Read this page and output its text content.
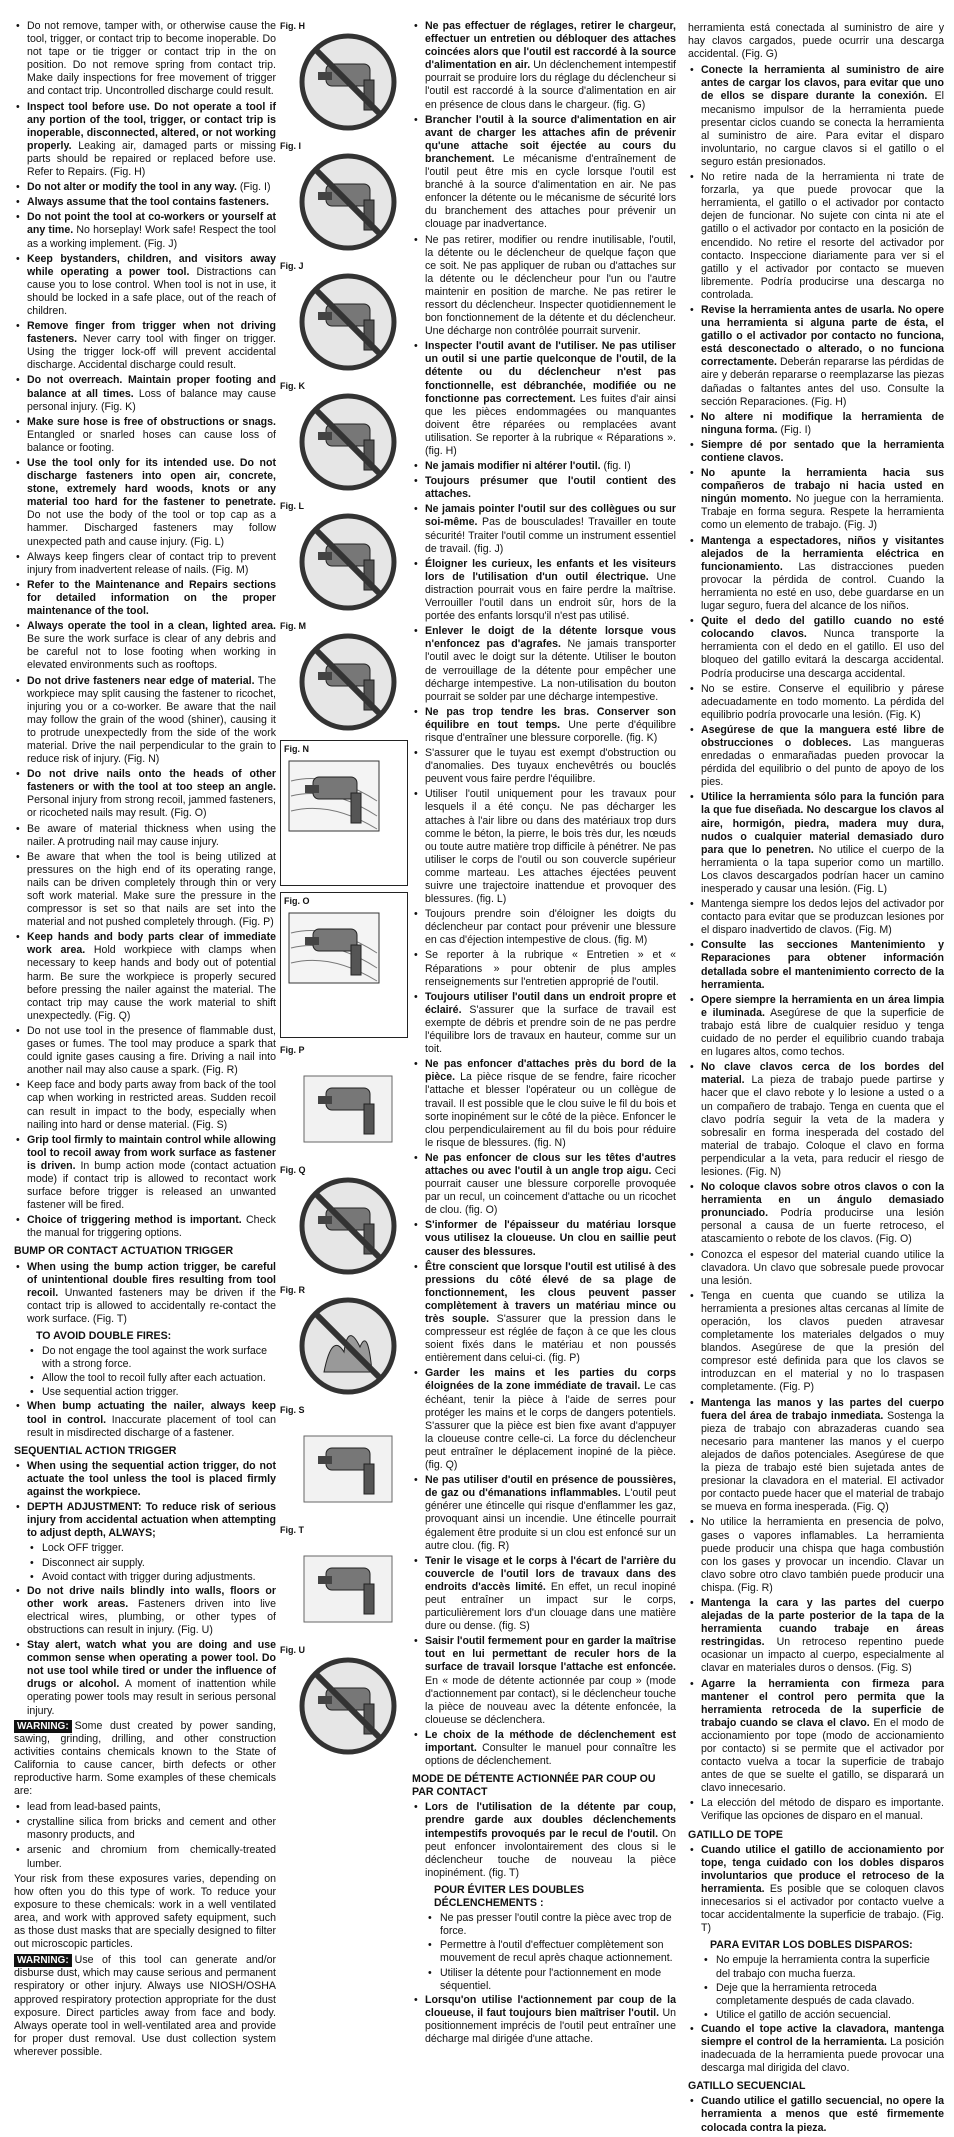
• Do not remove, tamper with, or otherwise cause the tool, trigger, or contact trip to become inoperable. Do not tape or tie trigger or contact trip in the on position. Do not remove spring from contact trip. Make daily inspections for free movement of trigger and contact trip. Uncontrolled discharge could result.
• Inspect tool before use. Do not operate a tool if any portion of the tool, trigger, or contact trip is inoperable, disconnected, altered, or not working properly. Leaking air, damaged parts or missing parts should be repaired or replaced before use. Refer to Repairs. (Fig. H)
• Do not alter or modify the tool in any way. (Fig. I)
• Always assume that the tool contains fasteners.
• Do not point the tool at co-workers or yourself at any time. No horseplay! Work safe! Respect the tool as a working implement. (Fig. J)
• Keep bystanders, children, and visitors away while operating a power tool. Distractions can cause you to lose control. When tool is not in use, it should be locked in a safe place, out of the reach of children.
• Remove finger from trigger when not driving fasteners. Never carry tool with finger on trigger. Using the trigger lock-off will prevent accidental discharge. Accidental discharge could result.
• Do not overreach. Maintain proper footing and balance at all times. Loss of balance may cause personal injury. (Fig. K)
• Make sure hose is free of obstructions or snags. Entangled or snarled hoses can cause loss of balance or footing.
• Use the tool only for its intended use. Do not discharge fasteners into open air, concrete, stone, extremely hard woods, knots or any material too hard for the fastener to penetrate. Do not use the body of the tool or top cap as a hammer. Discharged fasteners may follow unexpected path and cause injury. (Fig. L)
• Always keep fingers clear of contact trip to prevent injury from inadvertent release of nails. (Fig. M)
• Refer to the Maintenance and Repairs sections for detailed information on the proper maintenance of the tool.
• Always operate the tool in a clean, lighted area. Be sure the work surface is clear of any debris and be careful not to lose footing when working in elevated environments such as rooftops.
• Do not drive fasteners near edge of material. The workpiece may split causing the fastener to ricochet, injuring you or a co-worker. Be aware that the nail may follow the grain of the wood (shiner), causing it to protrude unexpectedly from the side of the work material. Drive the nail perpendicular to the grain to reduce risk of injury. (Fig. N)
• Do not drive nails onto the heads of other fasteners or with the tool at too steep an angle. Personal injury from strong recoil, jammed fasteners, or ricocheted nails may result. (Fig. O)
• Be aware of material thickness when using the nailer. A protruding nail may cause injury.
• Be aware that when the tool is being utilized at pressures on the high end of its operating range, nails can be driven completely through thin or very soft work material. Make sure the pressure in the compressor is set so that nails are set into the material and not pushed completely through. (Fig. P)
• Keep hands and body parts clear of immediate work area. Hold workpiece with clamps when necessary to keep hands and body out of potential harm. Be sure the workpiece is properly secured before pressing the nailer against the material. The contact trip may cause the work material to shift unexpectedly. (Fig. Q)
• Do not use tool in the presence of flammable dust, gases or fumes. The tool may produce a spark that could ignite gases causing a fire. Driving a nail into another nail may also cause a spark. (Fig. R)
• Keep face and body parts away from back of the tool cap when working in restricted areas. Sudden recoil can result in impact to the body, especially when nailing into hard or dense material. (Fig. S)
• Grip tool firmly to maintain control while allowing tool to recoil away from work surface as fastener is driven. In bump action mode (contact actuation mode) if contact trip is allowed to recontact work surface before trigger is released an unwanted fastener will be fired.
• Choice of triggering method is important. Check the manual for triggering options.
BUMP OR CONTACT ACTUATION TRIGGER
• When using the bump action trigger, be careful of unintentional double fires resulting from tool recoil. Unwanted fasteners may be driven if the contact trip is allowed to accidentally re-contact the work surface. (Fig. T)
TO AVOID DOUBLE FIRES:
• Do not engage the tool against the work surface with a strong force.
• Allow the tool to recoil fully after each actuation.
• Use sequential action trigger.
• When bump actuating the nailer, always keep tool in control. Inaccurate placement of tool can result in misdirected discharge of a fastener.
SEQUENTIAL ACTION TRIGGER
• When using the sequential action trigger, do not actuate the tool unless the tool is placed firmly against the workpiece.
• DEPTH ADJUSTMENT: To reduce risk of serious injury from accidental actuation when attempting to adjust depth, ALWAYS;
• Lock OFF trigger.
• Disconnect air supply.
• Avoid contact with trigger during adjustments.
• Do not drive nails blindly into walls, floors or other work areas. Fasteners driven into live electrical wires, plumbing, or other types of obstructions can result in injury. (Fig. U)
• Stay alert, watch what you are doing and use common sense when operating a power tool. Do not use tool while tired or under the influence of drugs or alcohol. A moment of inattention while operating power tools may result in serious personal injury.
WARNING: Some dust created by power sanding, sawing, grinding, drilling, and other construction activities contains chemicals known to the State of California to cause cancer, birth defects or other reproductive harm. Some examples of these chemicals are:
• lead from lead-based paints,
• crystalline silica from bricks and cement and other masonry products, and
• arsenic and chromium from chemically-treated lumber.
Your risk from these exposures varies, depending on how often you do this type of work. To reduce your exposure to these chemicals: work in a well ventilated area, and work with approved safety equipment, such as those dust masks that are specially designed to filter out microscopic particles.
WARNING: Use of this tool can generate and/or disburse dust, which may cause serious and permanent respiratory or other injury. Always use NIOSH/OSHA approved respiratory protection appropriate for the dust exposure. Direct particles away from face and body. Always operate tool in well-ventilated area and provide for proper dust removal. Use dust collection system wherever possible.
Fig. H
Fig. I
Fig. J
Fig. K
Fig. L
Fig. M
Fig. N
Fig. O
Fig. P
Fig. Q
Fig. R
Fig. S
Fig. T
Fig. U
• Ne pas effectuer de réglages, retirer le chargeur, effectuer un entretien ou débloquer des attaches coincées alors que l'outil est raccordé à la source d'alimentation en air. Un déclenchement intempestif pourrait se produire lors du réglage du déclencheur si l'outil est raccordé à la source d'alimentation en air en présence de clous dans le chargeur. (fig. G)
• Brancher l'outil à la source d'alimentation en air avant de charger les attaches afin de prévenir qu'une attache soit éjectée au cours du branchement. Le mécanisme d'entraînement de l'outil peut être mis en cycle lorsque l'outil est branché à la source d'alimentation en air. Ne pas enfoncer la détente ou le mécanisme de sécurité lors du branchement des attaches pour prévenir un clouage par inadvertance.
• Ne pas retirer, modifier ou rendre inutilisable, l'outil, la détente ou le déclencheur de quelque façon que ce soit. Ne pas appliquer de ruban ou d'attaches sur la détente ou le déclencheur pour l'un ou l'autre maintenir en position de marche. Ne pas retirer le ressort du déclencheur. Inspecter quotidiennement le bon fonctionnement de la détente et du déclencheur. Une décharge non contrôlée pourrait survenir.
• Inspecter l'outil avant de l'utiliser. Ne pas utiliser un outil si une partie quelconque de l'outil, de la détente ou du déclencheur n'est pas fonctionnelle, est débranchée, modifiée ou ne fonctionne pas correctement. Les fuites d'air ainsi que les pièces endommagées ou manquantes doivent être réparées ou remplacées avant utilisation. Se reporter à la rubrique « Réparations ». (fig. H)
• Ne jamais modifier ni altérer l'outil. (fig. I)
• Toujours présumer que l'outil contient des attaches.
• Ne jamais pointer l'outil sur des collègues ou sur soi-même. Pas de bousculades! Travailler en toute sécurité! Traiter l'outil comme un instrument essentiel de travail. (fig. J)
• Éloigner les curieux, les enfants et les visiteurs lors de l'utilisation d'un outil électrique. Une distraction pourrait vous en faire perdre la maîtrise. Verrouiller l'outil dans un endroit sûr, hors de la portée des enfants lorsqu'il n'est pas utilisé.
• Enlever le doigt de la détente lorsque vous n'enfoncez pas d'agrafes. Ne jamais transporter l'outil avec le doigt sur la détente. Utiliser le bouton de verrouillage de la détente pour empêcher une décharge intempestive. La non-utilisation du bouton pourrait se solder par une décharge intempestive.
• Ne pas trop tendre les bras. Conserver son équilibre en tout temps. Une perte d'équilibre risque d'entraîner une blessure corporelle. (fig. K)
• S'assurer que le tuyau est exempt d'obstruction ou d'anomalies. Des tuyaux enchevêtrés ou bouclés peuvent vous faire perdre l'équilibre.
• Utiliser l'outil uniquement pour les travaux pour lesquels il a été conçu. Ne pas décharger les attaches à l'air libre ou dans des matériaux trop durs comme le béton, la pierre, le bois très dur, les nœuds ou toute autre matière trop difficile à pénétrer. Ne pas utiliser le corps de l'outil ou son couvercle supérieur comme marteau. Les attaches éjectées peuvent suivre une trajectoire inattendue et provoquer des blessures. (fig. L)
• Toujours prendre soin d'éloigner les doigts du déclencheur par contact pour prévenir une blessure en cas d'éjection intempestive de clous. (fig. M)
• Se reporter à la rubrique « Entretien » et « Réparations » pour obtenir de plus amples renseignements sur l'entretien approprié de l'outil.
• Toujours utiliser l'outil dans un endroit propre et éclairé. S'assurer que la surface de travail est exempte de débris et prendre soin de ne pas perdre l'équilibre lors de travaux en hauteur, comme sur un toit.
• Ne pas enfoncer d'attaches près du bord de la pièce. La pièce risque de se fendre, faire ricocher l'attache et blesser l'opérateur ou un collègue de travail. Il est possible que le clou suive le fil du bois et sorte inopinément sur le côté de la pièce. Enfoncer le clou perpendiculairement au fil du bois pour réduire le risque de blessures. (fig. N)
• Ne pas enfoncer de clous sur les têtes d'autres attaches ou avec l'outil à un angle trop aigu. Ceci pourrait causer une blessure corporelle provoquée par un recul, un coincement d'attache ou un ricochet de clou. (fig. O)
• S'informer de l'épaisseur du matériau lorsque vous utilisez la cloueuse. Un clou en saillie peut causer des blessures.
• Être conscient que lorsque l'outil est utilisé à des pressions du côté élevé de sa plage de fonctionnement, les clous peuvent passer complètement à travers un matériau mince ou très souple. S'assurer que la pression dans le compresseur est réglée de façon à ce que les clous soient fixés dans le matériau et non poussés entièrement dans celui-ci. (fig. P)
• Garder les mains et les parties du corps éloignées de la zone immédiate de travail. Le cas échéant, tenir la pièce à l'aide de serres pour protéger les mains et le corps de dangers potentiels. S'assurer que la pièce est bien fixe avant d'appuyer la cloueuse contre celle-ci. La force du déclencheur peut entraîner le déplacement inopiné de la pièce. (fig. Q)
• Ne pas utiliser d'outil en présence de poussières, de gaz ou d'émanations inflammables. L'outil peut générer une étincelle qui risque d'enflammer les gaz, provoquant ainsi un incendie. Une étincelle pourrait également être produite si un clou est enfoncé sur un autre clou. (fig. R)
• Tenir le visage et le corps à l'écart de l'arrière du couvercle de l'outil lors de travaux dans des endroits d'accès limité. En effet, un recul inopiné peut entraîner un impact sur le corps, particulièrement lors d'un clouage dans une matière dure ou dense. (fig. S)
• Saisir l'outil fermement pour en garder la maîtrise tout en lui permettant de reculer hors de la surface de travail lorsque l'attache est enfoncée. En « mode de détente actionnée par coup » (mode d'actionnement par contact), si le déclencheur touche la pièce de nouveau avec la détente enfoncée, la cloueuse se déclenchera.
• Le choix de la méthode de déclenchement est important. Consulter le manuel pour connaître les options de déclenchement.
MODE DE DÉTENTE ACTIONNÉE PAR COUP OU PAR CONTACT
• Lors de l'utilisation de la détente par coup, prendre garde aux doubles déclenchements intempestifs provoqués par le recul de l'outil. On peut enfoncer involontairement des clous si le déclencheur touche de nouveau la pièce inopinément. (fig. T)
POUR ÉVITER LES DOUBLES DÉCLENCHEMENTS :
• Ne pas presser l'outil contre la pièce avec trop de force.
• Permettre à l'outil d'effectuer complètement son mouvement de recul après chaque actionnement.
• Utiliser la détente pour l'actionnement en mode séquentiel.
• Lorsqu'on utilise l'actionnement par coup de la cloueuse, il faut toujours bien maîtriser l'outil. Un positionnement imprécis de l'outil peut entraîner une décharge mal dirigée d'une attache.
herramienta está conectada al suministro de aire y hay clavos cargados, puede ocurrir una descarga accidental. (Fig. G)
• Conecte la herramienta al suministro de aire antes de cargar los clavos, para evitar que uno de ellos se dispare durante la conexión. El mecanismo impulsor de la herramienta puede presentar ciclos cuando se conecta la herramienta al suministro de aire. Para evitar el disparo involuntario, no cargue clavos si el gatillo o el seguro están presionados.
• No retire nada de la herramienta ni trate de forzarla, ya que puede provocar que la herramienta, el gatillo o el activador por contacto dejen de funcionar. No sujete con cinta ni ate el gatillo o el activador por contacto en la posición de encendido. No retire el resorte del activador por contacto. Inspeccione diariamente para ver si el gatillo y el activador por contacto se mueven libremente. Podría producirse una descarga no controlada.
• Revise la herramienta antes de usarla. No opere una herramienta si alguna parte de ésta, el gatillo o el activador por contacto no funciona, está desconectado o alterado, o no funciona correctamente. Deberán repararse las pérdidas de aire y deberán repararse o reemplazarse las piezas dañadas o faltantes antes del uso. Consulte la sección Reparaciones. (Fig. H)
• No altere ni modifique la herramienta de ninguna forma. (Fig. I)
• Siempre dé por sentado que la herramienta contiene clavos.
• No apunte la herramienta hacia sus compañeros de trabajo ni hacia usted en ningún momento. No juegue con la herramienta. Trabaje en forma segura. Respete la herramienta como un elemento de trabajo. (Fig. J)
• Mantenga a espectadores, niños y visitantes alejados de la herramienta eléctrica en funcionamiento. Las distracciones pueden provocar la pérdida de control. Cuando la herramienta no esté en uso, debe guardarse en un lugar seguro, fuera del alcance de los niños.
• Quite el dedo del gatillo cuando no esté colocando clavos. Nunca transporte la herramienta con el dedo en el gatillo. El uso del bloqueo del gatillo evitará la descarga accidental. Podría producirse una descarga accidental.
• No se estire. Conserve el equilibrio y párese adecuadamente en todo momento. La pérdida del equilibrio podría provocarle una lesión. (Fig. K)
• Asegúrese de que la manguera esté libre de obstrucciones o dobleces. Las mangueras enredadas o enmarañadas pueden provocar la pérdida del equilibrio o del punto de apoyo de los pies.
• Utilice la herramienta sólo para la función para la que fue diseñada. No descargue los clavos al aire, hormigón, piedra, madera muy dura, nudos o cualquier material demasiado duro para que lo penetren. No utilice el cuerpo de la herramienta o la tapa superior como un martillo. Los clavos descargados podrían hacer un camino inesperado y causar una lesión. (Fig. L)
• Mantenga siempre los dedos lejos del activador por contacto para evitar que se produzcan lesiones por el disparo inadvertido de clavos. (Fig. M)
• Consulte las secciones Mantenimiento y Reparaciones para obtener información detallada sobre el mantenimiento correcto de la herramienta.
• Opere siempre la herramienta en un área limpia e iluminada. Asegúrese de que la superficie de trabajo está libre de cualquier residuo y tenga cuidado de no perder el equilibrio cuando trabaja en lugares altos, como techos.
• No clave clavos cerca de los bordes del material. La pieza de trabajo puede partirse y hacer que el clavo rebote y lo lesione a usted o a un compañero de trabajo. Tenga en cuenta que el clavo podría seguir la veta de la madera y sobresalir en forma inesperada del costado del material de trabajo. Coloque el clavo en forma perpendicular a la veta, para reducir el riesgo de lesiones. (Fig. N)
• No coloque clavos sobre otros clavos o con la herramienta en un ángulo demasiado pronunciado. Podría producirse una lesión personal a causa de un fuerte retroceso, el atascamiento o rebote de los clavos. (Fig. O)
• Conozca el espesor del material cuando utilice la clavadora. Un clavo que sobresale puede provocar una lesión.
• Tenga en cuenta que cuando se utiliza la herramienta a presiones altas cercanas al límite de operación, los clavos pueden atravesar completamente los materiales delgados o muy blandos. Asegúrese de que la presión del compresor esté definida para que los clavos se introduzcan en el material y no lo traspasen completamente. (Fig. P)
• Mantenga las manos y las partes del cuerpo fuera del área de trabajo inmediata. Sostenga la pieza de trabajo con abrazaderas cuando sea necesario para mantener las manos y el cuerpo alejados de daños potenciales. Asegúrese de que la pieza de trabajo esté bien sujetada antes de presionar la clavadora en el material. El activador por contacto puede hacer que el material de trabajo se mueva en forma inesperada. (Fig. Q)
• No utilice la herramienta en presencia de polvo, gases o vapores inflamables. La herramienta puede producir una chispa que haga combustión con los gases y provocar un incendio. Clavar un clavo sobre otro clavo también puede producir una chispa. (Fig. R)
• Mantenga la cara y las partes del cuerpo alejadas de la parte posterior de la tapa de la herramienta cuando trabaje en áreas restringidas. Un retroceso repentino puede ocasionar un impacto al cuerpo, especialmente al clavar en materiales duros o densos. (Fig. S)
• Agarre la herramienta con firmeza para mantener el control pero permita que la herramienta retroceda de la superficie de trabajo cuando se clava el clavo. En el modo de accionamiento por tope (modo de accionamiento por contacto) si se permite que el activador por contacto vuelva a tocar la superficie de trabajo antes de que se suelte el gatillo, se disparará un clavo innecesario.
• La elección del método de disparo es importante. Verifique las opciones de disparo en el manual.
GATILLO DE TOPE
• Cuando utilice el gatillo de accionamiento por tope, tenga cuidado con los dobles disparos involuntarios que produce el retroceso de la herramienta. Es posible que se coloquen clavos innecesarios si el activador por contacto vuelve a tocar accidentalmente la superficie de trabajo. (Fig. T)
PARA EVITAR LOS DOBLES DISPAROS:
• No empuje la herramienta contra la superficie del trabajo con mucha fuerza.
• Deje que la herramienta retroceda completamente después de cada clavado.
• Utilice el gatillo de acción secuencial.
• Cuando el tope active la clavadora, mantenga siempre el control de la herramienta. La posición inadecuada de la herramienta puede provocar una descarga mal dirigida del clavo.
GATILLO SECUENCIAL
• Cuando utilice el gatillo secuencial, no opere la herramienta a menos que esté firmemente colocada contra la pieza.
